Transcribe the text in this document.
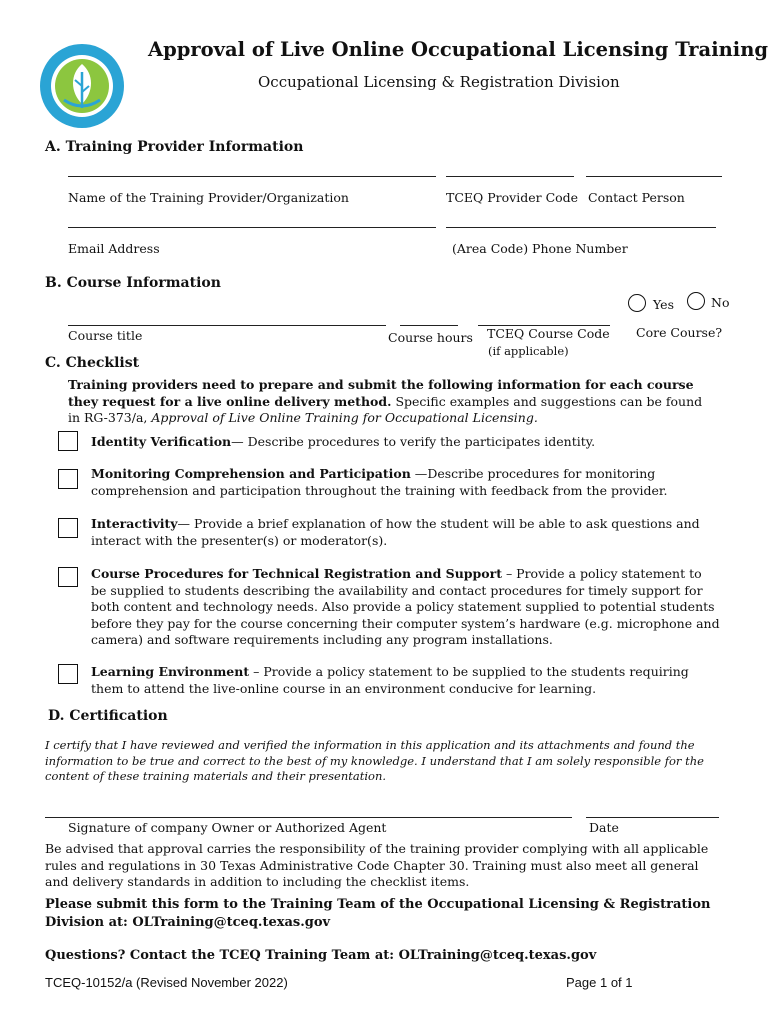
Approval of Live Online Occupational Licensing Training
Occupational Licensing & Registration Division
A. Training Provider Information
Name of the Training Provider/Organization	TCEQ Provider Code Contact Person
Email Address	(Area Code) Phone Number
B. Course Information
Yes	No
Course title	Course hours TCEQ Course Code
(if applicable)
Core Course?
C. Checklist
Training providers need to prepare and submit the following information for each course they request for a live online delivery method. Specific examples and suggestions can be found in RG-373/a, Approval of Live Online Training for Occupational Licensing.
Identity Verification— Describe procedures to verify the participates identity.
Monitoring Comprehension and Participation —Describe procedures for monitoring comprehension and participation throughout the training with feedback from the provider.
Interactivity— Provide a brief explanation of how the student will be able to ask questions and interact with the presenter(s) or moderator(s).
Course Procedures for Technical Registration and Support – Provide a policy statement to be supplied to students describing the availability and contact procedures for timely support for both content and technology needs. Also provide a policy statement supplied to potential students before they pay for the course concerning their computer system’s hardware (e.g. microphone and camera) and software requirements including any program installations.
Learning Environment – Provide a policy statement to be supplied to the students requiring them to attend the live-online course in an environment conducive for learning.
D. Certification
I certify that I have reviewed and verified the information in this application and its attachments and found the information to be true and correct to the best of my knowledge. I understand that I am solely responsible for the content of these training materials and their presentation.
Signature of company Owner or Authorized Agent	Date
Be advised that approval carries the responsibility of the training provider complying with all applicable rules and regulations in 30 Texas Administrative Code Chapter 30. Training must also meet all general and delivery standards in addition to including the checklist items.
Please submit this form to the Training Team of the Occupational Licensing & Registration Division at: OLTraining@tceq.texas.gov
Questions? Contact the TCEQ Training Team at: OLTraining@tceq.texas.gov
TCEQ-10152/a (Revised November 2022)	Page 1 of 1
